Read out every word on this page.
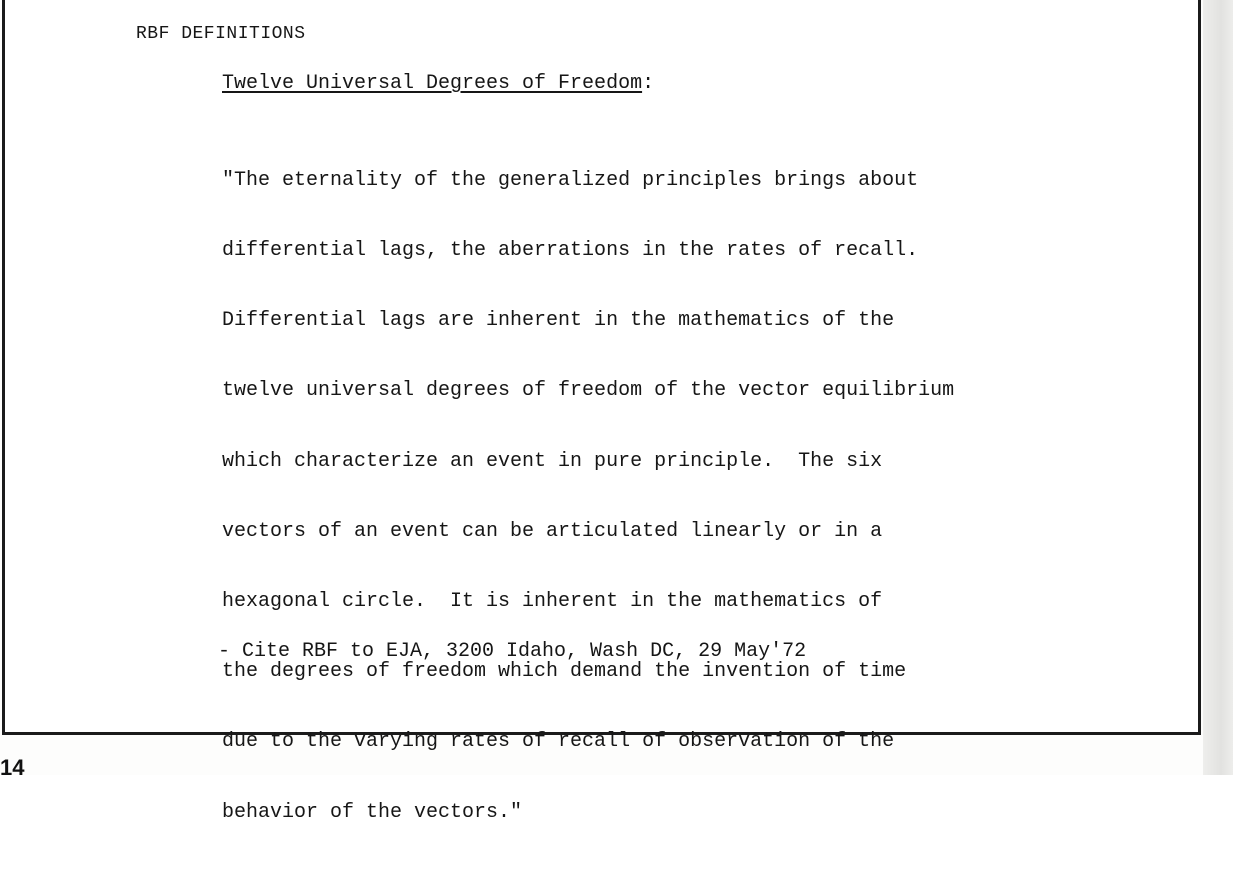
RBF DEFINITIONS
Twelve Universal Degrees of Freedom:

"The eternality of the generalized principles brings about

differential lags, the aberrations in the rates of recall.

Differential lags are inherent in the mathematics of the

twelve universal degrees of freedom of the vector equilibrium

which characterize an event in pure principle.  The six

vectors of an event can be articulated linearly or in a

hexagonal circle.  It is inherent in the mathematics of

the degrees of freedom which demand the invention of time

due to the varying rates of recall of observation of the

behavior of the vectors."

- Cite RBF to EJA, 3200 Idaho, Wash DC, 29 May'72
14
